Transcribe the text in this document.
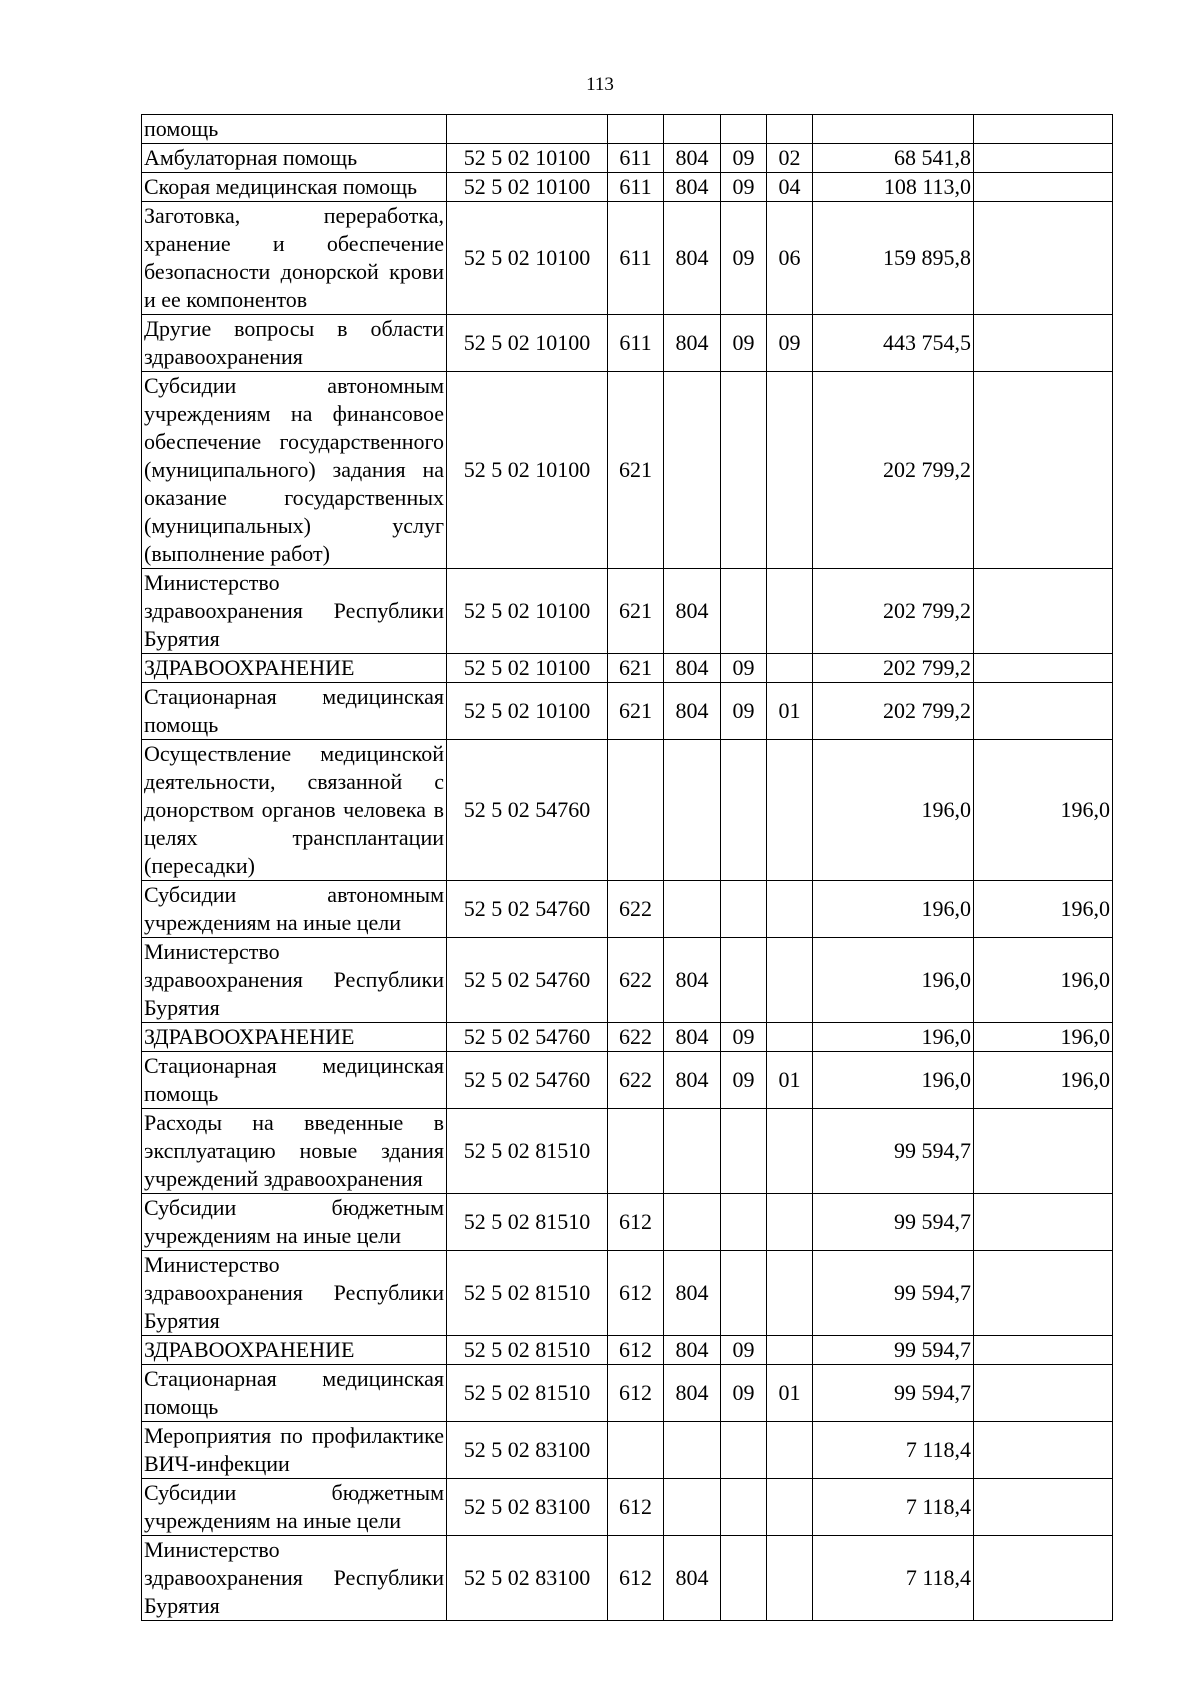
113
помощь							
Амбулаторная помощь	52 5 02 10100	611	804	09	02	68 541,8	
Скорая медицинская помощь	52 5 02 10100	611	804	09	04	108 113,0	
Заготовка, переработка, хранение и обеспечение безопасности донорской крови и ее компонентов	52 5 02 10100	611	804	09	06	159 895,8	
Другие вопросы в области здравоохранения	52 5 02 10100	611	804	09	09	443 754,5	
Субсидии автономным учреждениям на финансовое обеспечение государственного (муниципального) задания на оказание государственных (муниципальных) услуг (выполнение работ)	52 5 02 10100	621				202 799,2	
Министерство здравоохранения Республики Бурятия	52 5 02 10100	621	804			202 799,2	
ЗДРАВООХРАНЕНИЕ	52 5 02 10100	621	804	09		202 799,2	
Стационарная медицинская помощь	52 5 02 10100	621	804	09	01	202 799,2	
Осуществление медицинской деятельности, связанной с донорством органов человека в целях трансплантации (пересадки)	52 5 02 54760					196,0	196,0
Субсидии автономным учреждениям на иные цели	52 5 02 54760	622				196,0	196,0
Министерство здравоохранения Республики Бурятия	52 5 02 54760	622	804			196,0	196,0
ЗДРАВООХРАНЕНИЕ	52 5 02 54760	622	804	09		196,0	196,0
Стационарная медицинская помощь	52 5 02 54760	622	804	09	01	196,0	196,0
Расходы на введенные в эксплуатацию новые здания учреждений здравоохранения	52 5 02 81510					99 594,7	
Субсидии бюджетным учреждениям на иные цели	52 5 02 81510	612				99 594,7	
Министерство здравоохранения Республики Бурятия	52 5 02 81510	612	804			99 594,7	
ЗДРАВООХРАНЕНИЕ	52 5 02 81510	612	804	09		99 594,7	
Стационарная медицинская помощь	52 5 02 81510	612	804	09	01	99 594,7	
Мероприятия по профилактике ВИЧ-инфекции	52 5 02 83100					7 118,4	
Субсидии бюджетным учреждениям на иные цели	52 5 02 83100	612				7 118,4	
Министерство здравоохранения Республики Бурятия	52 5 02 83100	612	804			7 118,4	
